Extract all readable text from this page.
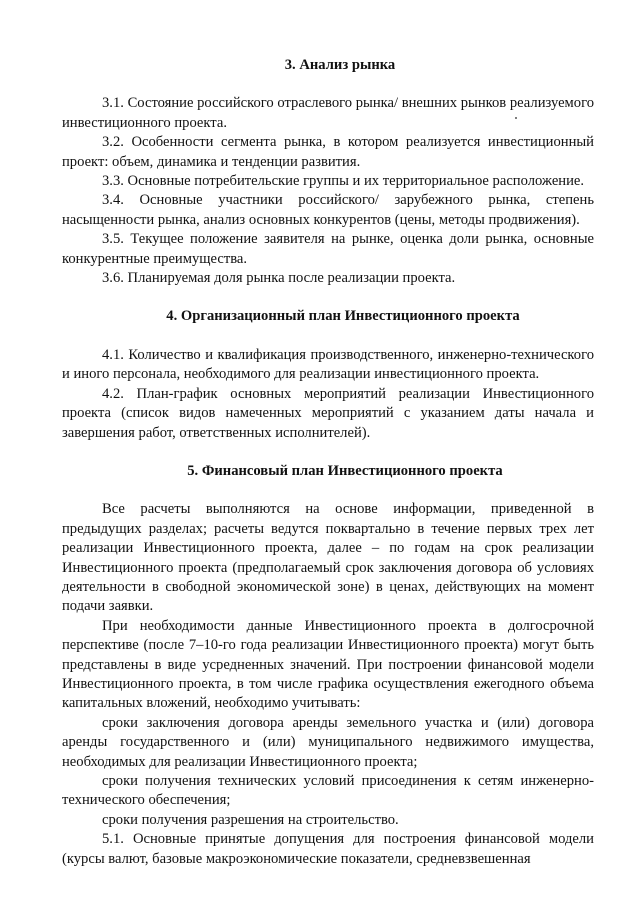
3. Анализ рынка

3.1. Состояние российского отраслевого рынка/ внешних рынков реализуемого инвестиционного проекта.

3.2. Особенности сегмента рынка, в котором реализуется инвестиционный проект: объем, динамика и тенденции развития.

3.3. Основные потребительские группы и их территориальное расположение.

3.4. Основные участники российского/ зарубежного рынка, степень насыщенности рынка, анализ основных конкурентов (цены, методы продвижения).

3.5. Текущее положение заявителя на рынке, оценка доли рынка, основные конкурентные преимущества.

3.6. Планируемая доля рынка после реализации проекта.

4. Организационный план Инвестиционного проекта

4.1. Количество и квалификация производственного, инженерно-технического и иного персонала, необходимого для реализации инвестиционного проекта.

4.2. План-график основных мероприятий реализации Инвестиционного проекта (список видов намеченных мероприятий с указанием даты начала и завершения работ, ответственных исполнителей).

5. Финансовый план Инвестиционного проекта

Все расчеты выполняются на основе информации, приведенной в предыдущих разделах; расчеты ведутся поквартально в течение первых трех лет реализации Инвестиционного проекта, далее – по годам на срок реализации Инвестиционного проекта (предполагаемый срок заключения договора об условиях деятельности в свободной экономической зоне) в ценах, действующих на момент подачи заявки.

При необходимости данные Инвестиционного проекта в долгосрочной перспективе (после 7–10-го года реализации Инвестиционного проекта) могут быть представлены в виде усредненных значений. При построении финансовой модели Инвестиционного проекта, в том числе графика осуществления ежегодного объема капитальных вложений, необходимо учитывать:

сроки заключения договора аренды земельного участка и (или) договора аренды государственного и (или) муниципального недвижимого имущества, необходимых для реализации Инвестиционного проекта;

сроки получения технических условий присоединения к сетям инженерно-технического обеспечения;

сроки получения разрешения на строительство.

5.1. Основные принятые допущения для построения финансовой модели (курсы валют, базовые макроэкономические показатели, средневзвешенная
